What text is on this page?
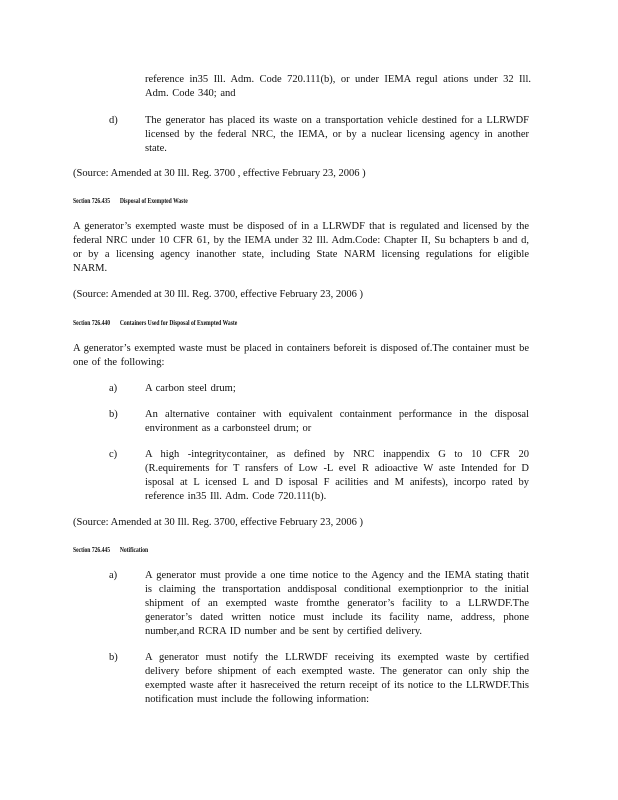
reference in35 Ill. Adm. Code 720.111(b), or under IEMA regul ations under 32 Ill. Adm. Code 340; and
d)	The generator has placed its waste on a transportation vehicle destined for a LLRWDF licensed by the federal NRC, the IEMA, or by a nuclear licensing agency in another state.
(Source: Amended at 30 Ill. Reg. 3700 , effective February 23, 2006 )
Section 726.435 Disposal of Exempted Waste
A generator’s exempted waste must be disposed of in a LLRWDF that is regulated and licensed by the federal NRC under 10 CFR 61, by the IEMA under 32 Ill. Adm.Code: Chapter II, Su bchapters b and d, or by a licensing agency inanother state, including State NARM licensing regulations for eligible NARM.
(Source: Amended at 30 Ill. Reg. 3700, effective February 23, 2006 )
Section 726.440 Containers Used for Disposal of Exempted Waste
A generator’s exempted waste must be placed in containers beforeit is disposed of.The container must be one of the following:
a)	A carbon steel drum;
b)	An alternative container with equivalent containment performance in the disposal environment as a carbonsteel drum; or
c)	A high -integritycontainer, as defined by NRC inappendix G to 10 CFR 20 (R.equirements for T ransfers of Low -L evel R adioactive W aste Intended for D isposal at L icensed L and D isposal F acilities and M anifests), incorpo rated by reference in35 Ill. Adm. Code 720.111(b).
(Source: Amended at 30 Ill. Reg. 3700, effective February 23, 2006 )
Section 726.445 Notification
a)	A generator must provide a one time notice to the Agency and the IEMA stating thatit is claiming the transportation anddisposal conditional exemptionprior to the initial shipment of an exempted waste fromthe generator’s facility to a LLRWDF.The generator’s dated written notice must include its facility name, address, phone number,and RCRA ID number and be sent by certified delivery.
b)	A generator must notify the LLRWDF receiving its exempted waste by certified delivery before shipment of each exempted waste. The generator can only ship the exempted waste after it hasreceived the return receipt of its notice to the LLRWDF.This notification must include the following information:
